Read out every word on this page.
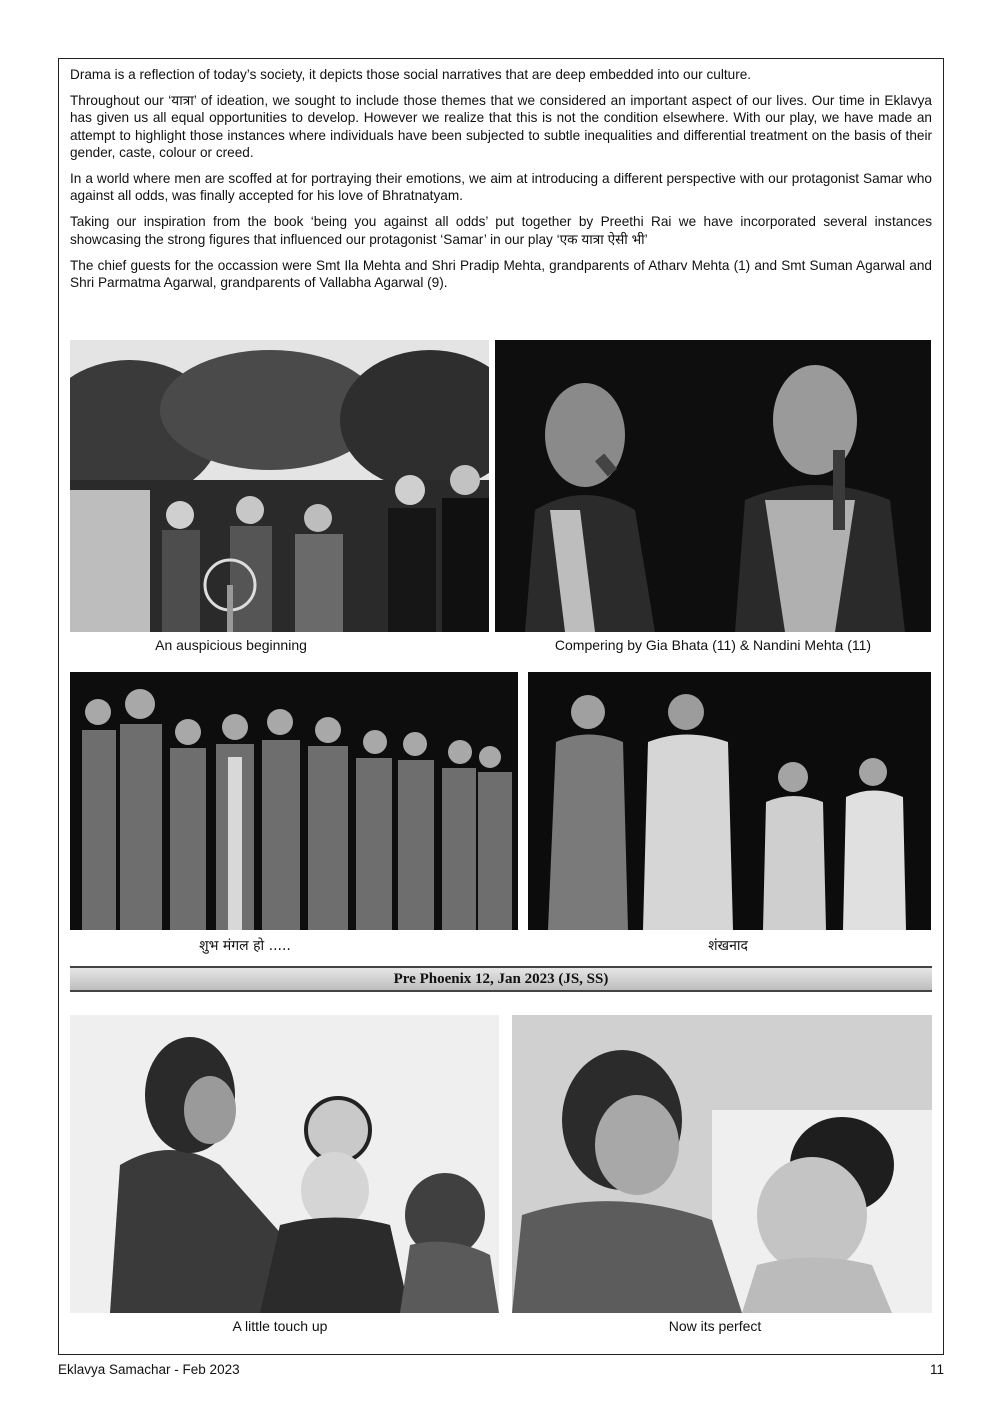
Drama is a reflection of today’s society, it depicts those social narratives that are deep embedded into our culture.

Throughout our ‘यात्रा’ of ideation, we sought to include those themes that we considered an important aspect of our lives. Our time in Eklavya has given us all equal opportunities to develop. However we realize that this is not the condition elsewhere. With our play, we have made an attempt to highlight those instances where individuals have been subjected to subtle inequalities and differential treatment on the basis of their gender, caste, colour or creed.

In a world where men are scoffed at for portraying their emotions, we aim at introducing a different perspective with our protagonist Samar who against all odds, was finally accepted for his love of Bhratnatyam.

Taking our inspiration from the book ‘being you against all odds’ put together by Preethi Rai we have incorporated several instances showcasing the strong figures that influenced our protagonist ‘Samar’ in our play ‘एक यात्रा ऐसी भी’

The chief guests for the occassion were Smt Ila Mehta and Shri Pradip Mehta, grandparents of Atharv Mehta (1) and Smt Suman Agarwal and Shri Parmatma Agarwal, grandparents of Vallabha Agarwal (9).

An auspicious beginning	Compering by Gia Bhata (11) & Nandini Mehta (11)
शुभ मंगल हो .....	शंखनाद
Pre Phoenix 12, Jan 2023 (JS, SS)
A little touch up	Now its perfect
Eklavya Samachar - Feb 2023	11
